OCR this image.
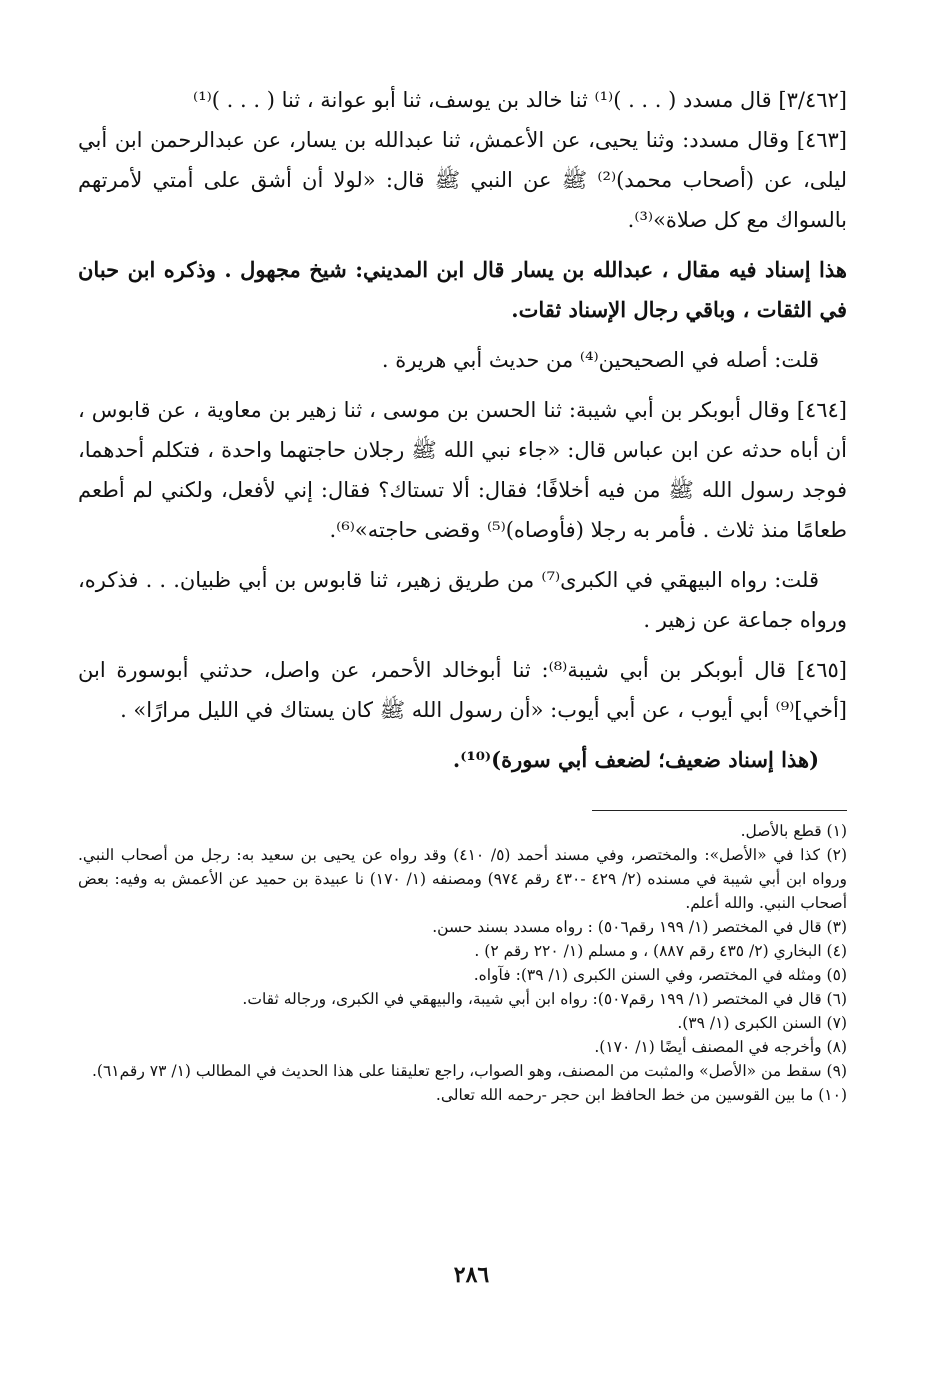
[٣/٤٦٢] قال مسدد ( . . . )⁽¹⁾ ثنا خالد بن يوسف، ثنا أبو عوانة ، ثنا ( . . . )⁽¹⁾

[٤٦٣] وقال مسدد: وثنا يحيى، عن الأعمش، ثنا عبدالله بن يسار، عن عبدالرحمن ابن أبي ليلى، عن (أصحاب محمد)⁽²⁾ ﷺ عن النبي ﷺ قال: «لولا أن أشق على أمتي لأمرتهم بالسواك مع كل صلاة»⁽³⁾.

هذا إسناد فيه مقال ، عبدالله بن يسار قال ابن المديني: شيخ مجهول . وذكره ابن حبان في الثقات ، وباقي رجال الإسناد ثقات.

قلت: أصله في الصحيحين⁽⁴⁾ من حديث أبي هريرة .

[٤٦٤] وقال أبوبكر بن أبي شيبة: ثنا الحسن بن موسى ، ثنا زهير بن معاوية ، عن قابوس ، أن أباه حدثه عن ابن عباس قال: «جاء نبي الله ﷺ رجلان حاجتهما واحدة ، فتكلم أحدهما، فوجد رسول الله ﷺ من فيه أخلافًا؛ فقال: ألا تستاك؟ فقال: إني لأفعل، ولكني لم أطعم طعامًا منذ ثلاث . فأمر به رجلا (فأوصاه)⁽⁵⁾ وقضى حاجته»⁽⁶⁾.

قلت: رواه البيهقي في الكبرى⁽⁷⁾ من طريق زهير، ثنا قابوس بن أبي ظبيان. . . فذكره، ورواه جماعة عن زهير .

[٤٦٥] قال أبوبكر بن أبي شيبة⁽⁸⁾: ثنا أبوخالد الأحمر، عن واصل، حدثني أبوسورة ابن [أخي]⁽⁹⁾ أبي أيوب ، عن أبي أيوب: «أن رسول الله ﷺ كان يستاك في الليل مرارًا» .

(هذا إسناد ضعيف؛ لضعف أبي سورة)⁽¹⁰⁾.

(١) قطع بالأصل.

(٢) كذا في «الأصل»: والمختصر، وفي مسند أحمد (٥/ ٤١٠) وقد رواه عن يحيى بن سعيد به: رجل من أصحاب النبي. ورواه ابن أبي شيبة في مسنده (٢/ ٤٢٩ -٤٣٠ رقم ٩٧٤) ومصنفه (١/ ١٧٠) نا عبيدة بن حميد عن الأعمش به وفيه: بعض أصحاب النبي. والله أعلم.

(٣) قال في المختصر (١/ ١٩٩ رقم٥٠٦) : رواه مسدد بسند حسن.

(٤) البخاري (٢/ ٤٣٥ رقم ٨٨٧) ، و مسلم (١/ ٢٢٠ رقم ٢) .

(٥) ومثله في المختصر، وفي السنن الكبرى (١/ ٣٩): فآواه.

(٦) قال في المختصر (١/ ١٩٩ رقم٥٠٧): رواه ابن أبي شيبة، والبيهقي في الكبرى، ورجاله ثقات.

(٧) السنن الكبرى (١/ ٣٩).

(٨) وأخرجه في المصنف أيضًا (١/ ١٧٠).

(٩) سقط من «الأصل» والمثبت من المصنف، وهو الصواب، راجع تعليقنا على هذا الحديث في المطالب (١/ ٧٣ رقم٦١).

(١٠) ما بين القوسين من خط الحافظ ابن حجر -رحمه الله تعالى.

٢٨٦
